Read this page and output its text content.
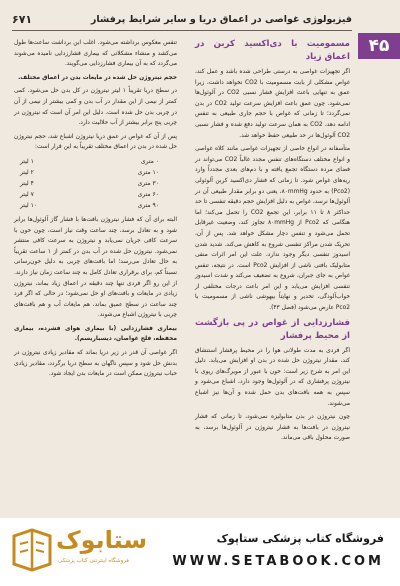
فیزیولوژی غواصی در اعماق دریا و سایر شرایط پرفشار
۶۷۱
۴۵
مسمومیت با دی‌اکسید کربن در اعماق زیاد
اگر تجهیزات غواصی به درستی طراحی شده باشد و عمل کند، غواص مشکلی از بابت مسمومیت با CO2 نخواهد داشت، زیرا عمق به تنهایی باعث افزایش فشار نسبی CO2 در آلوئول‌ها نمی‌شود. چون عمق باعث افزایش سرعت تولید CO2 در بدن نمی‌گردد؛ تا زمانی که غواص با حجم جاری طبیعی به تنفس ادامه دهد، CO2 به همان سرعت تولید دفع شده و فشار نسبی CO2 آلوئول‌ها در حد طبیعی حفظ خواهد شد.
متأسفانه در انواع خاصی از تجهیزات غواصی مانند کلاه غواصی و انواع مختلف دستگاه‌های تنفس مجدد غالباً CO2 می‌تواند در فضای مرده دستگاه تجمع یافته و با دم‌های بعدی مجدداً وارد ریه‌های غواص شود. تا زمانی که فشار دی‌اکسید کربن آلوئولی (Pco2) به حدود ۸۰mmHg، یعنی دو برابر مقدار طبیعی آن در آلوئول‌ها نرسد، غواص به دلیل افزایش حجم دقیقه تنفسی تا حد حداکثر ۸ تا ۱۱ برابر، این تجمع CO2 را تحمل می‌کند؛ اما هنگامی که Pco2 از ۸۰mmHg تجاوز کند، وضعیت غیرقابل تحمل می‌شود و تنفس دچار مشکل خواهد شد. پس از آن، تحریک شدن مراکز تنفسی شروع به کاهش می‌کند. شدید شدن اسیدوز تنفسی دیگر وجود ندارد، علت این امر اثرات منفی متابولیک بافتی ناشی از افزایش Pco2 است. در نتیجه، تنفس غواص به جای جبران، شروع به تضعیف می‌کند و شدت اسیدوز تنفسی افزایش می‌یابد و این امر باعث درجات مختلفی از خواب‌آلودگی، تخدیر و نهایتاً بیهوشی ناشی از مسمومیت با Pco2 عارض می‌شود (فصل ۴۳).
فشارزدایی از غواص در پی بازگشت از محیط پرفشار
اگر فردی به مدت طولانی هوا را در محیط پرفشار استنشاق کند، مقدار نیتروژن حل شده در بدن او افزایش می‌یابد. دلیل این امر به شرح زیر است: خون با عبور از مویرگ‌های ریوی با نیتروژن پرفشاری که در آلوئول‌ها وجود دارد، اشباع می‌شود و سپس به همه بافت‌های بدن حمل شده و آن‌ها نیز اشباع می‌شوند.
چون نیتروژن در بدن متابولیزه نمی‌شود، تا زمانی که فشار نیتروژن در بافت‌ها به فشار نیتروژن در آلوئول‌ها برسد، به صورت محلول باقی می‌ماند.
تنفس معکوس برداشته می‌شود. اغلب این برداشت ساعت‌ها طول می‌کشد و منشاء مشکلاتی که بیماری فشارزدایی نامیده می‌شوند می‌گردد که به آن بیماری فشارزدایی می‌گویند.
حجم نیتروژن حل شده در مایعات بدن در اعماق مختلف.
در سطح دریا تقریباً ۱ لیتر نیتروژن در کل بدن حل می‌شود. کمی کمتر از نیمی از این مقدار در آب بدن و کمی بیشتر از نیمی از آن در چربی بدن حل شده است. دلیل این امر آن است که نیتروژن در چربی پنج برابر بیشتر از آب حلالیت دارد.
پس از آن که غواص در عمق دریا نیتروژن اشباع شد، حجم نیتروژن حل شده در بدن در اعماق مختلف تقریباً به این قرار است:
۰ متری
۱ لیتر
۱۰ متری
۲ لیتر
۳۰ متری
۴ لیتر
۶۰ متری
۷ لیتر
۹۰ متری
۱۰ لیتر
البته برای آن که فشار نیتروژن بافت‌ها با فشار گاز آلوئول‌ها برابر شود و به تعادل برسد، چند ساعت وقت نیاز است، چون خون با سرعت کافی جریان نمی‌یابد و نیتروژن به سرعت کافی منتشر نمی‌شود. نیتروژن حل شده در آب بدن در کمتر از ۱ ساعت تقریباً به حال تعادل می‌رسد؛ اما بافت‌های چربی به دلیل خون‌رسانی نسبتاً کم، برای برقراری تعادل کامل به چند ساعت زمان نیاز دارند. از این رو اگر فردی تنها چند دقیقه در اعماق زیاد بماند، نیتروژن زیادی در مایعات و بافت‌های او حل نمی‌شود؛ در حالی که اگر فرد چند ساعت در سطح عمیق بماند، هم مایعات آب و هم بافت‌های چربی با نیتروژن اشباع می‌شوند.
بیماری فشارزدایی (با بیماری هوای فشرده، بیماری محفظه، فلج غواصان، دیسباریسم).
اگر غواصی آن قدر در زیر دریا بماند که مقادیر زیادی نیتروژن در بدنش حل شود و سپس ناگهان به سطح دریا برگردد، مقادیر زیادی حباب نیتروژن ممکن است در مایعات بدن ایجاد شود.
ستابوک
فروشگاه اینترنتی کتاب پزشکی
فروشگاه کتاب پزشکی ستاپوک
WWW.SETABOOK.COM
